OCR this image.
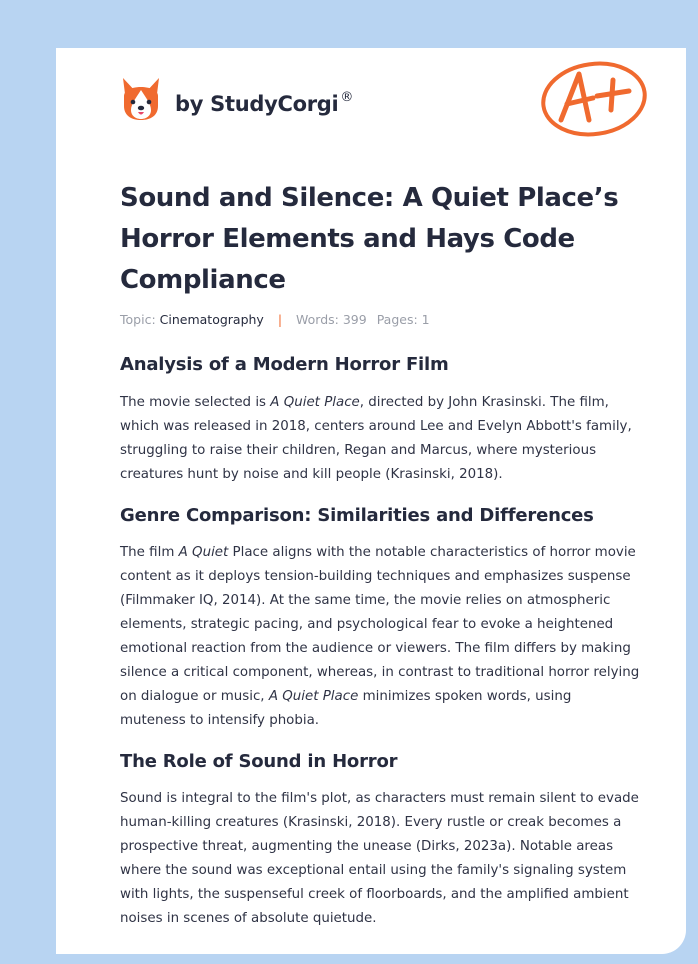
by StudyCorgi ®
Sound and Silence: A Quiet Place’s Horror Elements and Hays Code Compliance
Topic: Cinematography | Words: 399 Pages: 1
Analysis of a Modern Horror Film

The movie selected is A Quiet Place, directed by John Krasinski. The film, which was released in 2018, centers around Lee and Evelyn Abbott's family, struggling to raise their children, Regan and Marcus, where mysterious creatures hunt by noise and kill people (Krasinski, 2018).

Genre Comparison: Similarities and Differences

The film A Quiet Place aligns with the notable characteristics of horror movie content as it deploys tension-building techniques and emphasizes suspense (Filmmaker IQ, 2014). At the same time, the movie relies on atmospheric elements, strategic pacing, and psychological fear to evoke a heightened emotional reaction from the audience or viewers. The film differs by making silence a critical component, whereas, in contrast to traditional horror relying on dialogue or music, A Quiet Place minimizes spoken words, using muteness to intensify phobia.

The Role of Sound in Horror

Sound is integral to the film's plot, as characters must remain silent to evade human-killing creatures (Krasinski, 2018). Every rustle or creak becomes a prospective threat, augmenting the unease (Dirks, 2023a). Notable areas where the sound was exceptional entail using the family's signaling system with lights, the suspenseful creek of floorboards, and the amplified ambient noises in scenes of absolute quietude.
